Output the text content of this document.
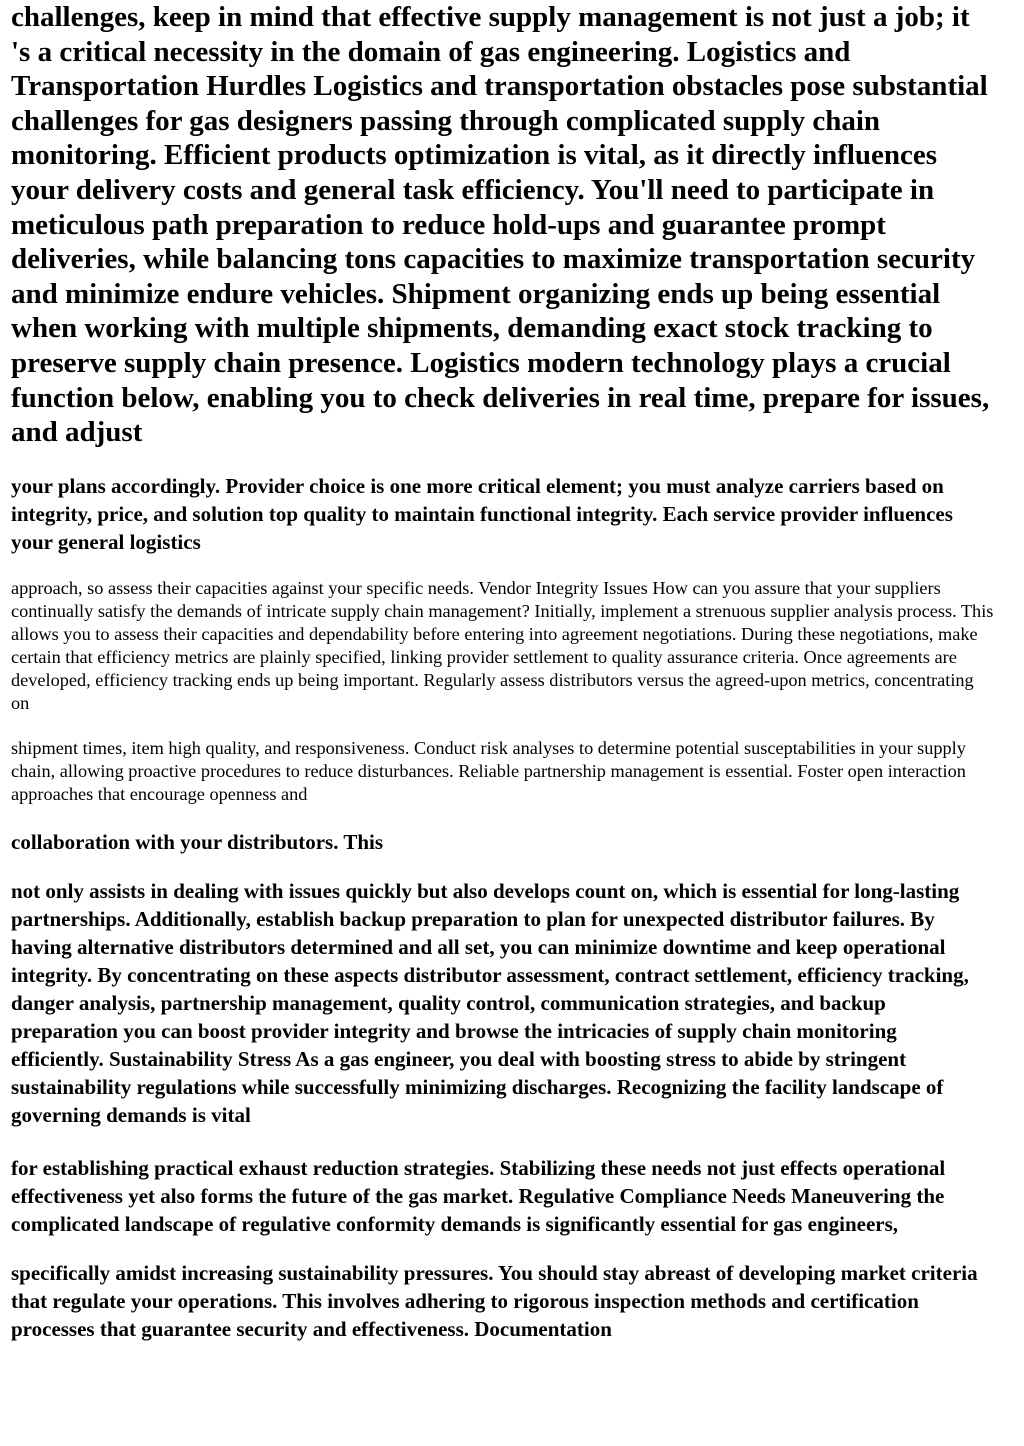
challenges, keep in mind that effective supply management is not just a job; it 's a critical necessity in the domain of gas engineering. Logistics and Transportation Hurdles Logistics and transportation obstacles pose substantial challenges for gas designers passing through complicated supply chain monitoring. Efficient products optimization is vital, as it directly influences your delivery costs and general task efficiency. You'll need to participate in meticulous path preparation to reduce hold-ups and guarantee prompt deliveries, while balancing tons capacities to maximize transportation security and minimize endure vehicles. Shipment organizing ends up being essential when working with multiple shipments, demanding exact stock tracking to preserve supply chain presence. Logistics modern technology plays a crucial function below, enabling you to check deliveries in real time, prepare for issues, and adjust

your plans accordingly. Provider choice is one more critical element; you must analyze carriers based on integrity, price, and solution top quality to maintain functional integrity. Each service provider influences your general logistics

approach, so assess their capacities against your specific needs. Vendor Integrity Issues How can you assure that your suppliers continually satisfy the demands of intricate supply chain management? Initially, implement a strenuous supplier analysis process. This allows you to assess their capacities and dependability before entering into agreement negotiations. During these negotiations, make certain that efficiency metrics are plainly specified, linking provider settlement to quality assurance criteria. Once agreements are developed, efficiency tracking ends up being important. Regularly assess distributors versus the agreed-upon metrics, concentrating on

shipment times, item high quality, and responsiveness. Conduct risk analyses to determine potential susceptabilities in your supply chain, allowing proactive procedures to reduce disturbances. Reliable partnership management is essential. Foster open interaction approaches that encourage openness and

collaboration with your distributors. This

not only assists in dealing with issues quickly but also develops count on, which is essential for long-lasting partnerships. Additionally, establish backup preparation to plan for unexpected distributor failures. By having alternative distributors determined and all set, you can minimize downtime and keep operational integrity. By concentrating on these aspects distributor assessment, contract settlement, efficiency tracking, danger analysis, partnership management, quality control, communication strategies, and backup preparation you can boost provider integrity and browse the intricacies of supply chain monitoring efficiently. Sustainability Stress As a gas engineer, you deal with boosting stress to abide by stringent sustainability regulations while successfully minimizing discharges. Recognizing the facility landscape of governing demands is vital

for establishing practical exhaust reduction strategies. Stabilizing these needs not just effects operational effectiveness yet also forms the future of the gas market. Regulative Compliance Needs Maneuvering the complicated landscape of regulative conformity demands is significantly essential for gas engineers,

specifically amidst increasing sustainability pressures. You should stay abreast of developing market criteria that regulate your operations. This involves adhering to rigorous inspection methods and certification processes that guarantee security and effectiveness. Documentation
